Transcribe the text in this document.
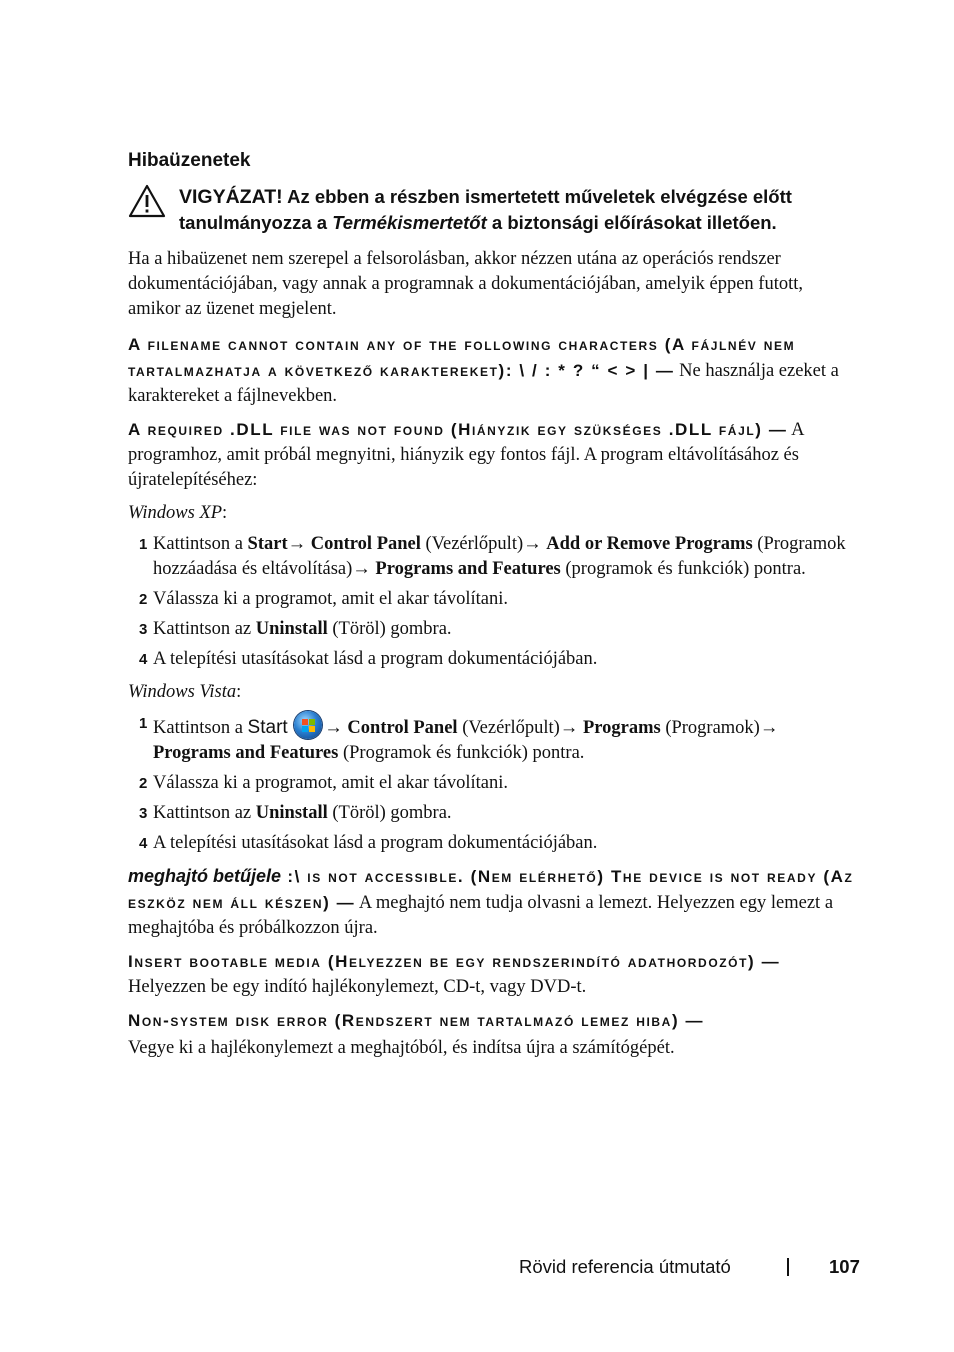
Hibaüzenetek
VIGYÁZAT! Az ebben a részben ismertetett műveletek elvégzése előtt tanulmányozza a Termékismertetőt a biztonsági előírásokat illetően.

Ha a hibaüzenet nem szerepel a felsorolásban, akkor nézzen utána az operációs rendszer dokumentációjában, vagy annak a programnak a dokumentációjában, amelyik éppen futott, amikor az üzenet megjelent.

A filename cannot contain any of the following characters (A fájlnév nem tartalmazhatja a következő karaktereket): \ / : * ? “ < > | — Ne használja ezeket a karaktereket a fájlnevekben.

A required .DLL file was not found (Hiányzik egy szükséges .DLL fájl) — A programhoz, amit próbál megnyitni, hiányzik egy fontos fájl. A program eltávolításához és újratelepítéséhez:

Windows XP:

1 Kattintson a Start→ Control Panel (Vezérlőpult)→ Add or Remove Programs (Programok hozzáadása és eltávolítása)→ Programs and Features (programok és funkciók) pontra.
2 Válassza ki a programot, amit el akar távolítani.
3 Kattintson az Uninstall (Töröl) gombra.
4 A telepítési utasításokat lásd a program dokumentációjában.

Windows Vista:

1 Kattintson a Start → Control Panel (Vezérlőpult)→ Programs (Programok)→ Programs and Features (Programok és funkciók) pontra.
2 Válassza ki a programot, amit el akar távolítani.
3 Kattintson az Uninstall (Töröl) gombra.
4 A telepítési utasításokat lásd a program dokumentációjában.

meghajtó betűjele :\ is not accessible. (Nem elérhető) The device is not ready (Az eszköz nem áll készen) — A meghajtó nem tudja olvasni a lemezt. Helyezzen egy lemezt a meghajtóba és próbálkozzon újra.

Insert bootable media (Helyezzen be egy rendszerindító adathordozót) — Helyezzen be egy indító hajlékonylemezt, CD-t, vagy DVD-t.

Non-system disk error (Rendszert nem tartalmazó lemez hiba) —

Vegye ki a hajlékonylemezt a meghajtóból, és indítsa újra a számítógépét.

Rövid referencia útmutató	107
